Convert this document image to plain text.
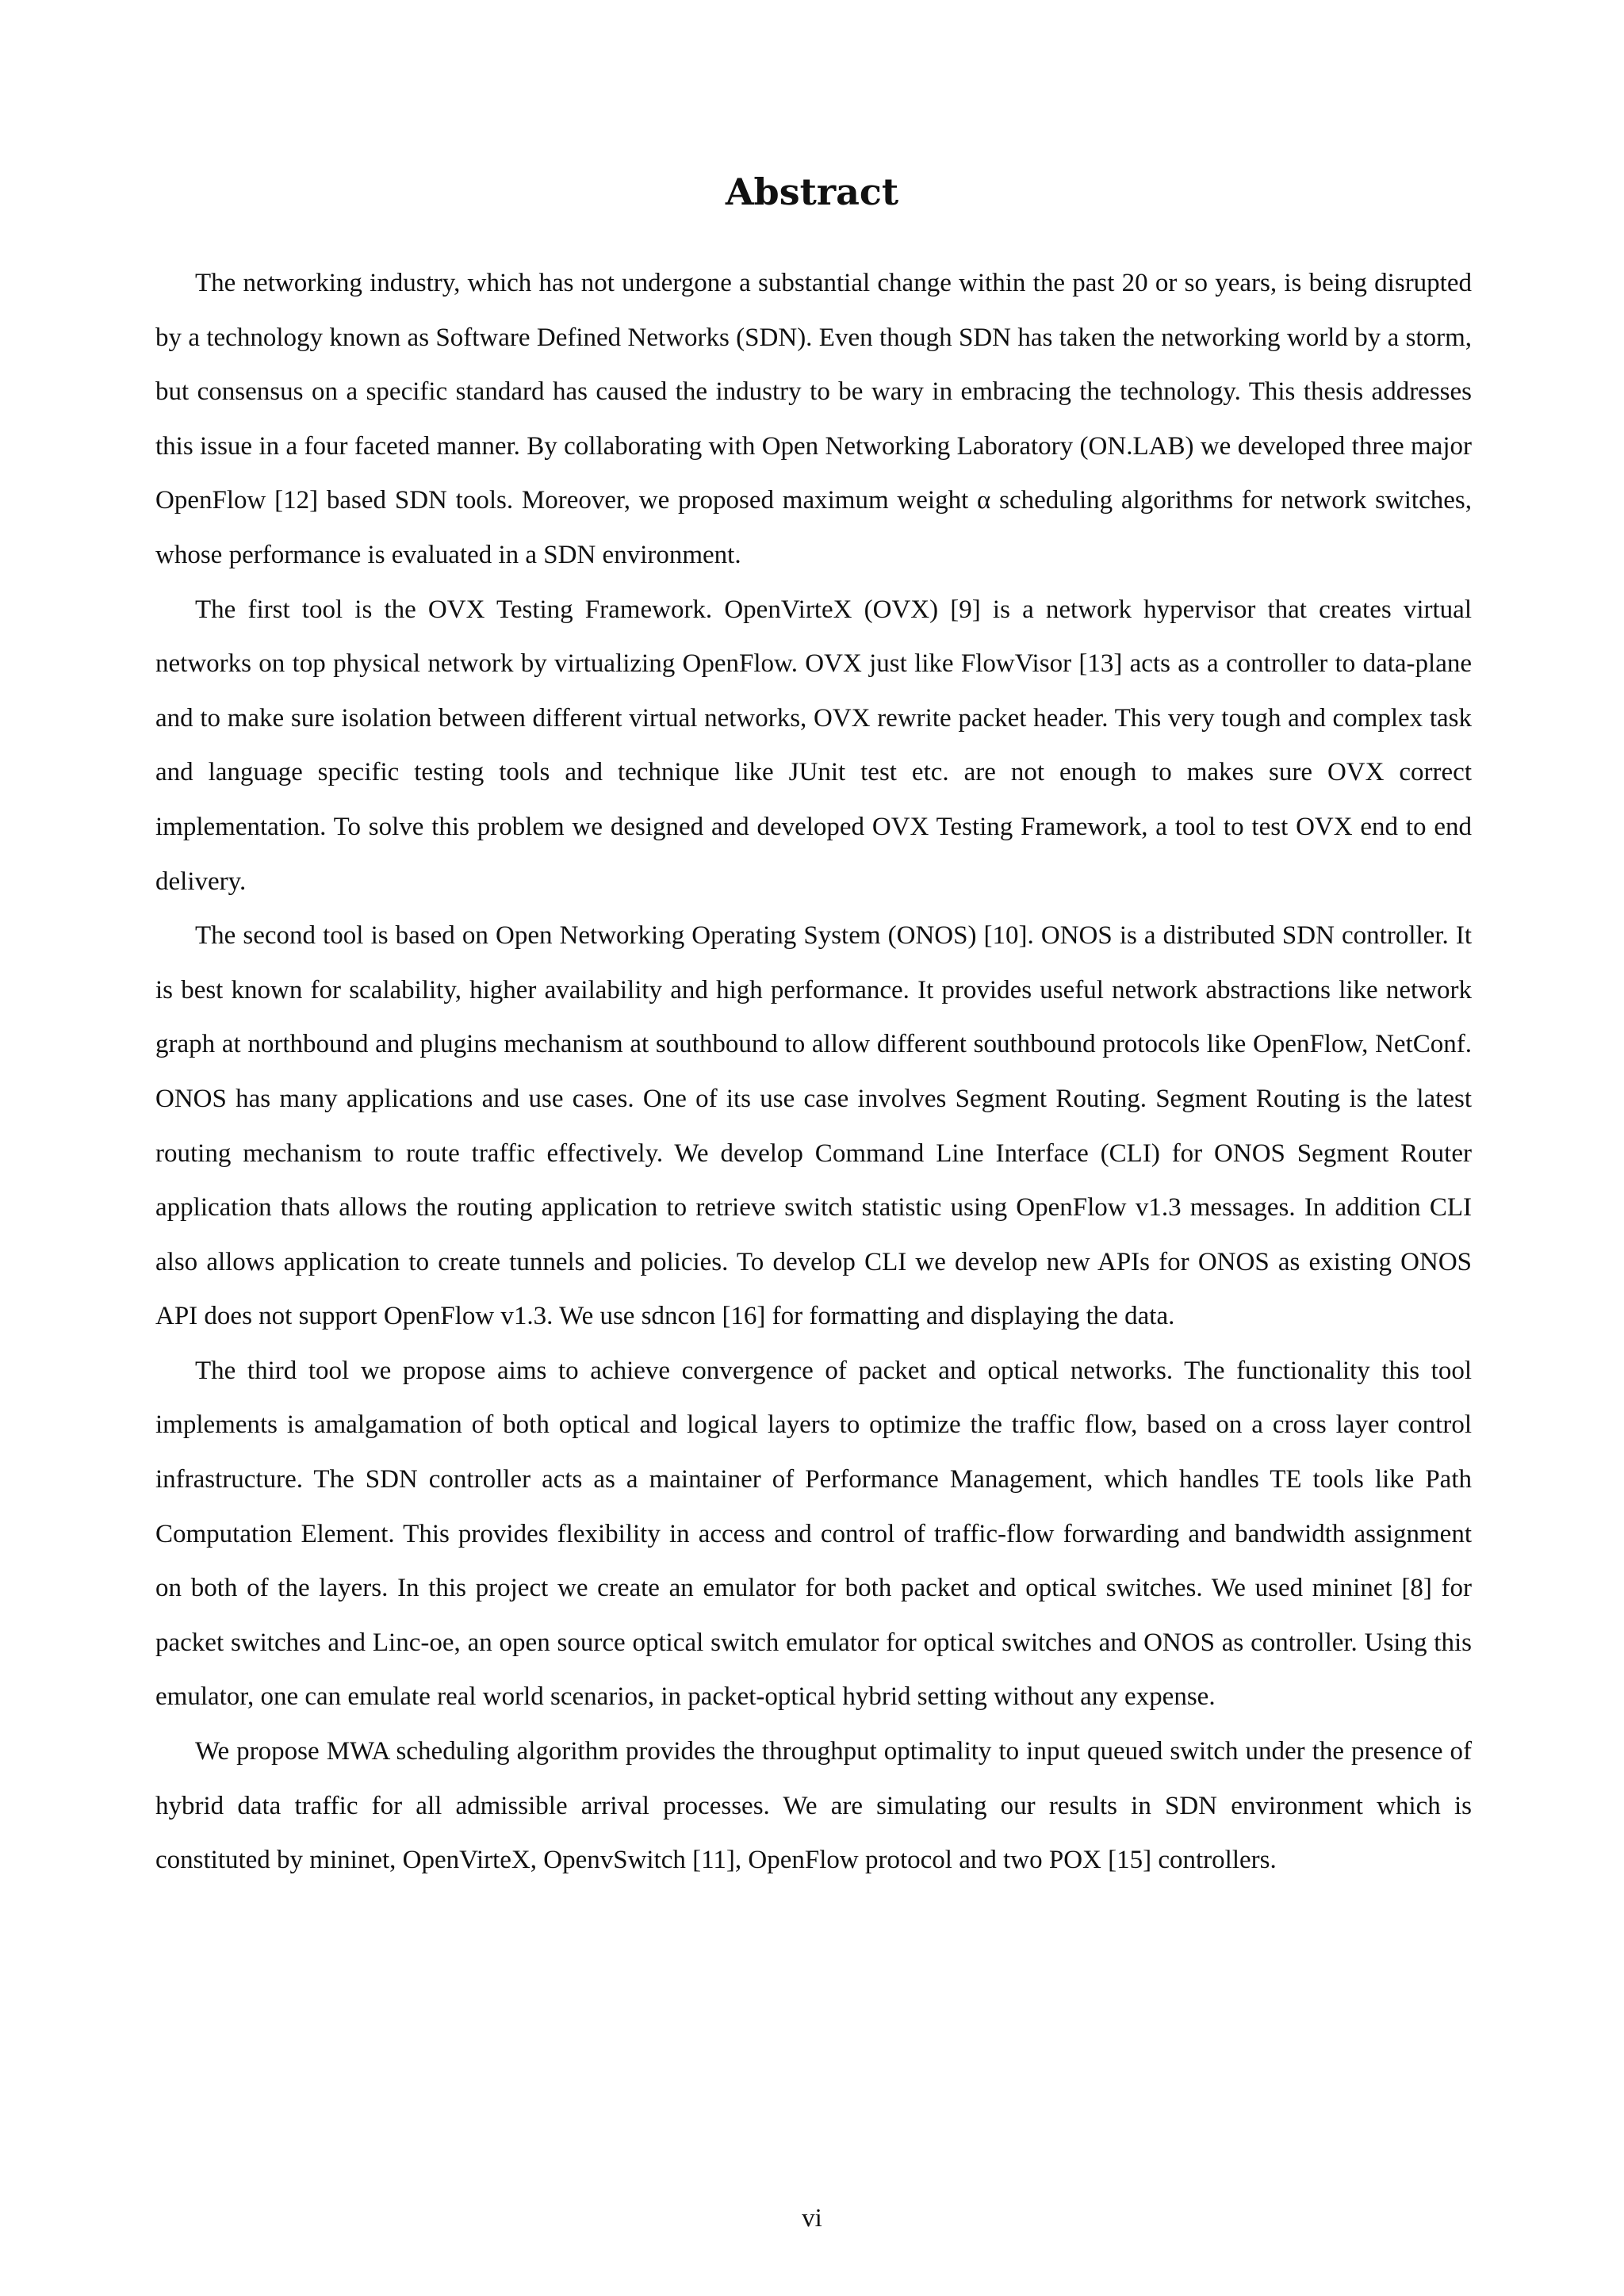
Abstract

The networking industry, which has not undergone a substantial change within the past 20 or so years, is being disrupted by a technology known as Software Defined Networks (SDN). Even though SDN has taken the networking world by a storm, but consensus on a specific standard has caused the industry to be wary in embracing the technology. This thesis addresses this issue in a four faceted manner. By collaborating with Open Networking Laboratory (ON.LAB) we developed three major OpenFlow [12] based SDN tools. Moreover, we proposed maximum weight α scheduling algorithms for network switches, whose performance is evaluated in a SDN environment.

The first tool is the OVX Testing Framework. OpenVirteX (OVX) [9] is a network hypervisor that creates virtual networks on top physical network by virtualizing OpenFlow. OVX just like FlowVisor [13] acts as a controller to data-plane and to make sure isolation between different virtual networks, OVX rewrite packet header. This very tough and complex task and language specific testing tools and technique like JUnit test etc. are not enough to makes sure OVX correct implementation. To solve this problem we designed and developed OVX Testing Framework, a tool to test OVX end to end delivery.

The second tool is based on Open Networking Operating System (ONOS) [10]. ONOS is a distributed SDN controller. It is best known for scalability, higher availability and high performance. It provides useful network abstractions like network graph at northbound and plugins mechanism at southbound to allow different southbound protocols like OpenFlow, NetConf. ONOS has many applications and use cases. One of its use case involves Segment Routing. Segment Routing is the latest routing mechanism to route traffic effectively. We develop Command Line Interface (CLI) for ONOS Segment Router application thats allows the routing application to retrieve switch statistic using OpenFlow v1.3 messages. In addition CLI also allows application to create tunnels and policies. To develop CLI we develop new APIs for ONOS as existing ONOS API does not support OpenFlow v1.3. We use sdncon [16] for formatting and displaying the data.

The third tool we propose aims to achieve convergence of packet and optical networks. The functionality this tool implements is amalgamation of both optical and logical layers to optimize the traffic flow, based on a cross layer control infrastructure. The SDN controller acts as a maintainer of Performance Management, which handles TE tools like Path Computation Element. This provides flexibility in access and control of traffic-flow forwarding and bandwidth assignment on both of the layers. In this project we create an emulator for both packet and optical switches. We used mininet [8] for packet switches and Linc-oe, an open source optical switch emulator for optical switches and ONOS as controller. Using this emulator, one can emulate real world scenarios, in packet-optical hybrid setting without any expense.

We propose MWA scheduling algorithm provides the throughput optimality to input queued switch under the presence of hybrid data traffic for all admissible arrival processes. We are simulating our results in SDN environment which is constituted by mininet, OpenVirteX, OpenvSwitch [11], OpenFlow protocol and two POX [15] controllers.

vi
